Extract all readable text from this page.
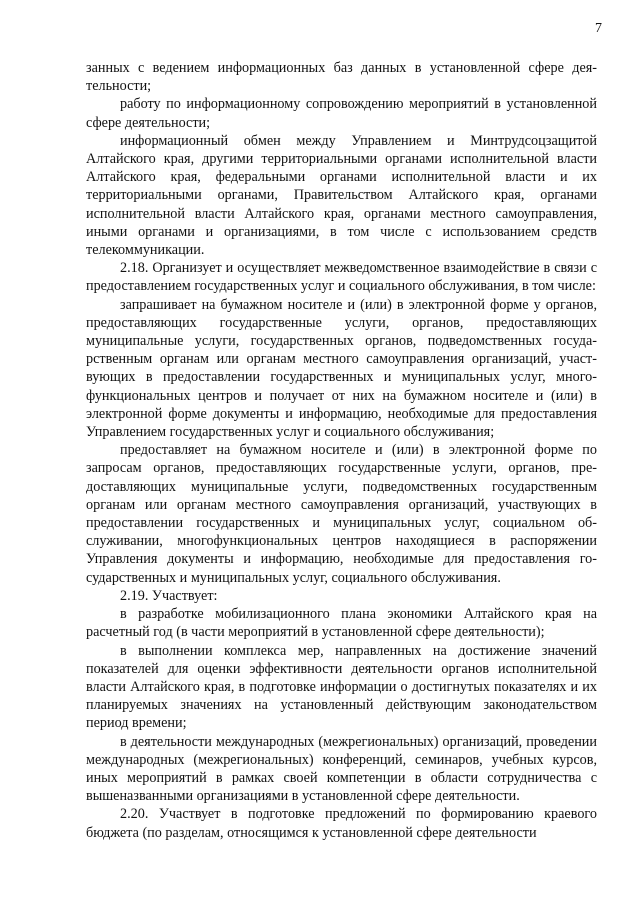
7

занных с ведением информационных баз данных в установленной сфере деятельности;

работу по информационному сопровождению мероприятий в установленной сфере деятельности;

информационный обмен между Управлением и Минтрудсоцзащитой Алтайского края, другими территориальными органами исполнительной власти Алтайского края, федеральными органами исполнительной власти и их территориальными органами, Правительством Алтайского края, органами исполнительной власти Алтайского края, органами местного самоуправления, иными органами и организациями, в том числе с использованием средств телекоммуникации.

2.18. Организует и осуществляет межведомственное взаимодействие в связи с предоставлением государственных услуг и социального обслуживания, в том числе:

запрашивает на бумажном носителе и (или) в электронной форме у органов, предоставляющих государственные услуги, органов, предоставляющих муниципальные услуги, государственных органов, подведомственных государственным органам или органам местного самоуправления организаций, участвующих в предоставлении государственных и муниципальных услуг, многофункциональных центров и получает от них на бумажном носителе и (или) в электронной форме документы и информацию, необходимые для предоставления Управлением государственных услуг и социального обслуживания;

предоставляет на бумажном носителе и (или) в электронной форме по запросам органов, предоставляющих государственные услуги, органов, предоставляющих муниципальные услуги, подведомственных государственным органам или органам местного самоуправления организаций, участвующих в предоставлении государственных и муниципальных услуг, социальном обслуживании, многофункциональных центров находящиеся в распоряжении Управления документы и информацию, необходимые для предоставления государственных и муниципальных услуг, социального обслуживания.

2.19. Участвует:

в разработке мобилизационного плана экономики Алтайского края на расчетный год (в части мероприятий в установленной сфере деятельности);

в выполнении комплекса мер, направленных на достижение значений показателей для оценки эффективности деятельности органов исполнительной власти Алтайского края, в подготовке информации о достигнутых показателях и их планируемых значениях на установленный действующим законодательством период времени;

в деятельности международных (межрегиональных) организаций, проведении международных (межрегиональных) конференций, семинаров, учебных курсов, иных мероприятий в рамках своей компетенции в области сотрудничества с вышеназванными организациями в установленной сфере деятельности.

2.20. Участвует в подготовке предложений по формированию краевого бюджета (по разделам, относящимся к установленной сфере деятельности
